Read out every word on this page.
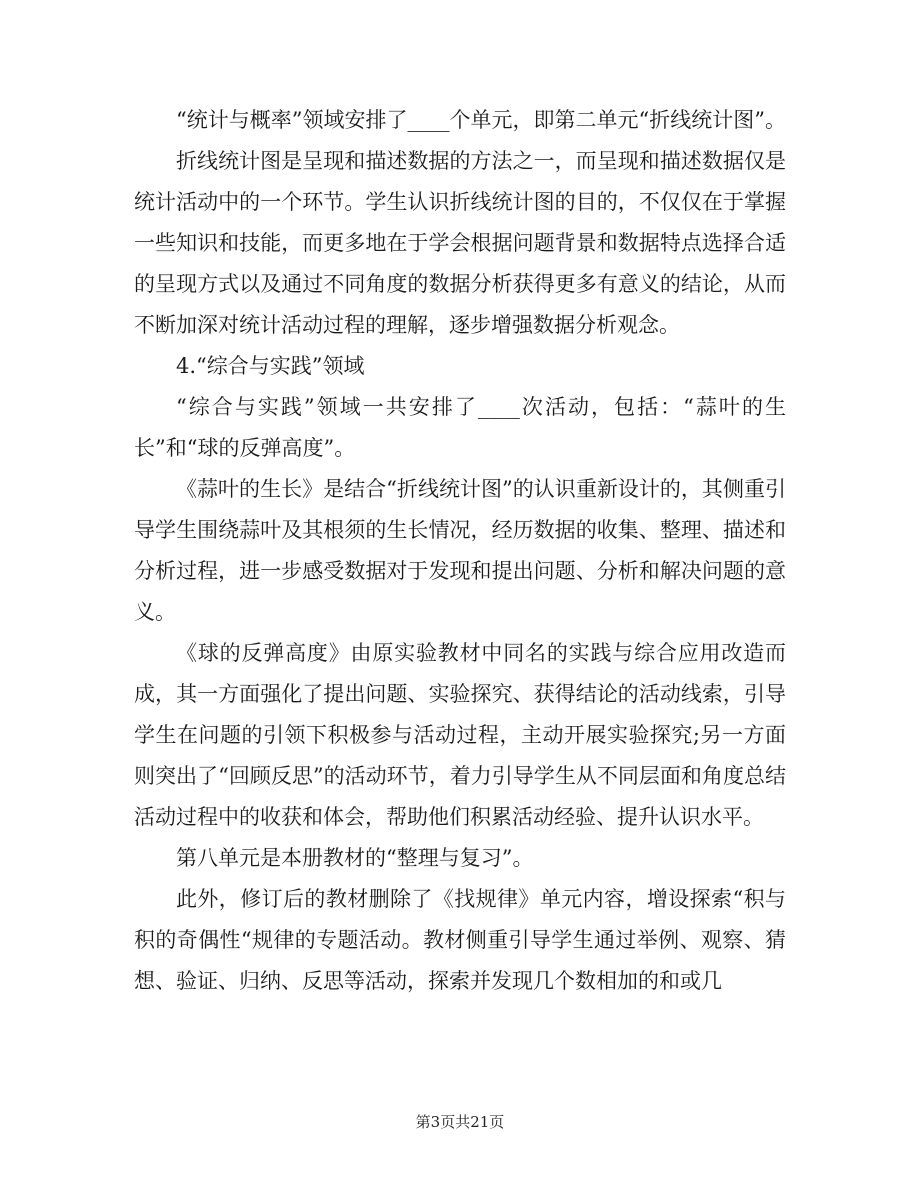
“统计与概率”领域安排了____个单元，即第二单元“折线统计图”。

折线统计图是呈现和描述数据的方法之一，而呈现和描述数据仅是统计活动中的一个环节。学生认识折线统计图的目的，不仅仅在于掌握一些知识和技能，而更多地在于学会根据问题背景和数据特点选择合适的呈现方式以及通过不同角度的数据分析获得更多有意义的结论，从而不断加深对统计活动过程的理解，逐步增强数据分析观念。

4.“综合与实践”领域

“综合与实践”领域一共安排了____次活动，包括：“蒜叶的生长”和“球的反弹高度”。

《蒜叶的生长》是结合“折线统计图”的认识重新设计的，其侧重引导学生围绕蒜叶及其根须的生长情况，经历数据的收集、整理、描述和分析过程，进一步感受数据对于发现和提出问题、分析和解决问题的意义。

《球的反弹高度》由原实验教材中同名的实践与综合应用改造而成，其一方面强化了提出问题、实验探究、获得结论的活动线索，引导学生在问题的引领下积极参与活动过程，主动开展实验探究;另一方面则突出了“回顾反思”的活动环节，着力引导学生从不同层面和角度总结活动过程中的收获和体会，帮助他们积累活动经验、提升认识水平。

第八单元是本册教材的“整理与复习”。

此外，修订后的教材删除了《找规律》单元内容，增设探索“积与积的奇偶性“规律的专题活动。教材侧重引导学生通过举例、观察、猜想、验证、归纳、反思等活动，探索并发现几个数相加的和或几

第3页共21页
